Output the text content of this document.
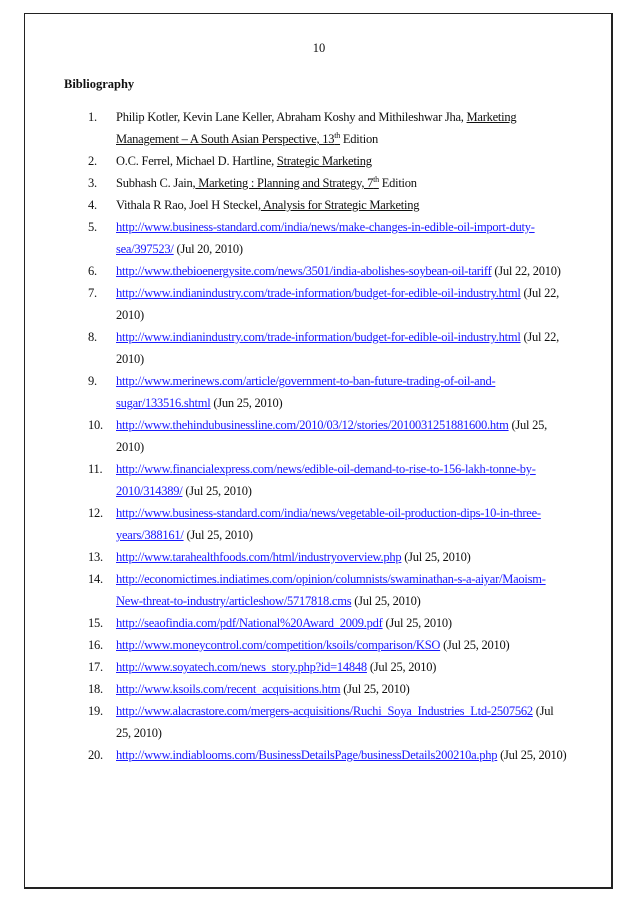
10
Bibliography
1.	Philip Kotler, Kevin Lane Keller, Abraham Koshy and Mithileshwar Jha, Marketing Management – A South Asian Perspective, 13th Edition
2.	O.C. Ferrel, Michael D. Hartline, Strategic Marketing
3.	Subhash C. Jain, Marketing : Planning and Strategy, 7th Edition
4.	Vithala R Rao, Joel H Steckel, Analysis for Strategic Marketing
5.	http://www.business-standard.com/india/news/make-changes-in-edible-oil-import-duty-sea/397523/ (Jul 20, 2010)
6.	http://www.thebioenergysite.com/news/3501/india-abolishes-soybean-oil-tariff (Jul 22, 2010)
7.	http://www.indianindustry.com/trade-information/budget-for-edible-oil-industry.html (Jul 22, 2010)
8.	http://www.indianindustry.com/trade-information/budget-for-edible-oil-industry.html (Jul 22, 2010)
9.	http://www.merinews.com/article/government-to-ban-future-trading-of-oil-and-sugar/133516.shtml (Jun 25, 2010)
10.	http://www.thehindubusinessline.com/2010/03/12/stories/2010031251881600.htm (Jul 25, 2010)
11.	http://www.financialexpress.com/news/edible-oil-demand-to-rise-to-156-lakh-tonne-by-2010/314389/ (Jul 25, 2010)
12.	http://www.business-standard.com/india/news/vegetable-oil-production-dips-10-in-three-years/388161/ (Jul 25, 2010)
13.	http://www.tarahealthfoods.com/html/industryoverview.php (Jul 25, 2010)
14.	http://economictimes.indiatimes.com/opinion/columnists/swaminathan-s-a-aiyar/Maoism-New-threat-to-industry/articleshow/5717818.cms (Jul 25, 2010)
15.	http://seaofindia.com/pdf/National%20Award_2009.pdf (Jul 25, 2010)
16.	http://www.moneycontrol.com/competition/ksoils/comparison/KSO (Jul 25, 2010)
17.	http://www.soyatech.com/news_story.php?id=14848 (Jul 25, 2010)
18.	http://www.ksoils.com/recent_acquisitions.htm (Jul 25, 2010)
19.	http://www.alacrastore.com/mergers-acquisitions/Ruchi_Soya_Industries_Ltd-2507562 (Jul 25, 2010)
20.	http://www.indiablooms.com/BusinessDetailsPage/businessDetails200210a.php (Jul 25, 2010)
